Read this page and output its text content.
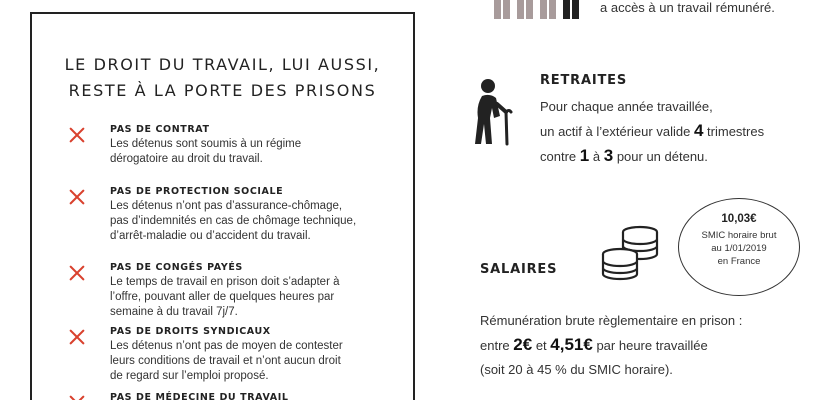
a accès à un travail rémunéré.
LE DROIT DU TRAVAIL, LUI AUSSI,
RESTE À LA PORTE DES PRISONS
PAS DE CONTRAT
Les détenus sont soumis à un régime
dérogatoire au droit du travail.
PAS DE PROTECTION SOCIALE
Les détenus n’ont pas d’assurance-chômage,
pas d’indemnités en cas de chômage technique,
d’arrêt-maladie ou d’accident du travail.
PAS DE CONGÉS PAYÉS
Le temps de travail en prison doit s’adapter à
l’offre, pouvant aller de quelques heures par
semaine à du travail 7j/7.
PAS DE DROITS SYNDICAUX
Les détenus n’ont pas de moyen de contester
leurs conditions de travail et n’ont aucun droit
de regard sur l’emploi proposé.
PAS DE MÉDECINE DU TRAVAIL
RETRAITES
Pour chaque année travaillée,
un actif à l’extérieur valide 4 trimestres
contre 1 à 3 pour un détenu.
10,03€
SMIC horaire brut
au 1/01/2019
en France
SALAIRES
Rémunération brute règlementaire en prison :
entre 2€ et 4,51€ par heure travaillée
(soit 20 à 45 % du SMIC horaire).
